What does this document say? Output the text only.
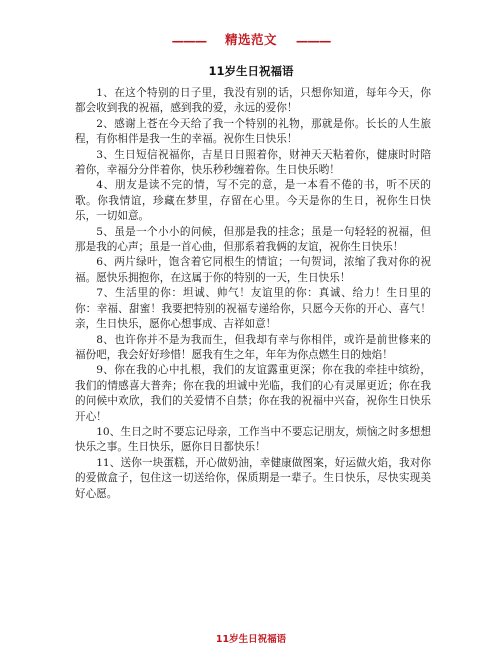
——— 精选范文 ———
11岁生日祝福语

1、在这个特别的日子里，我没有别的话，只想你知道，每年今天，你都会收到我的祝福，感到我的爱，永远的爱你！

2、感谢上苍在今天给了我一个特别的礼物，那就是你。长长的人生旅程，有你相伴是我一生的幸福。祝你生日快乐！

3、生日短信祝福你，吉星日日照着你，财神天天粘着你，健康时时陪着你，幸福分分伴着你，快乐秒秒缠着你。生日快乐哟！

4、朋友是读不完的情，写不完的意，是一本看不倦的书，听不厌的歌。你我情谊，珍藏在梦里，存留在心里。今天是你的生日，祝你生日快乐，一切如意。

5、虽是一个小小的问候，但那是我的挂念；虽是一句轻轻的祝福，但那是我的心声；虽是一首心曲，但那系着我俩的友谊，祝你生日快乐！

6、两片绿叶，饱含着它同根生的情谊；一句贺词，浓缩了我对你的祝福。愿快乐拥抱你，在这属于你的特别的一天，生日快乐！

7、生活里的你：坦诚、帅气！友谊里的你：真诚、给力！生日里的你：幸福、甜蜜！我要把特别的祝福专递给你，只愿今天你的开心、喜气！亲，生日快乐，愿你心想事成、吉祥如意！

8、也许你并不是为我而生，但我却有幸与你相伴，或许是前世修来的福份吧，我会好好珍惜！愿我有生之年，年年为你点燃生日的烛焰！

9、你在我的心中扎根，我们的友谊露重更深；你在我的牵挂中缤纷，我们的情感喜大普奔；你在我的坦诚中光临，我们的心有灵犀更近；你在我的问候中欢欣，我们的关爱情不自禁；你在我的祝福中兴奋，祝你生日快乐开心！

10、生日之时不要忘记母亲，工作当中不要忘记朋友，烦恼之时多想想快乐之事。生日快乐，愿你日日都快乐！

11、送你一块蛋糕，开心做奶油，幸健康做图案，好运做火焰，我对你的爱做盒子，包住这一切送给你，保质期是一辈子。生日快乐，尽快实现美好心愿。

11岁生日祝福语
